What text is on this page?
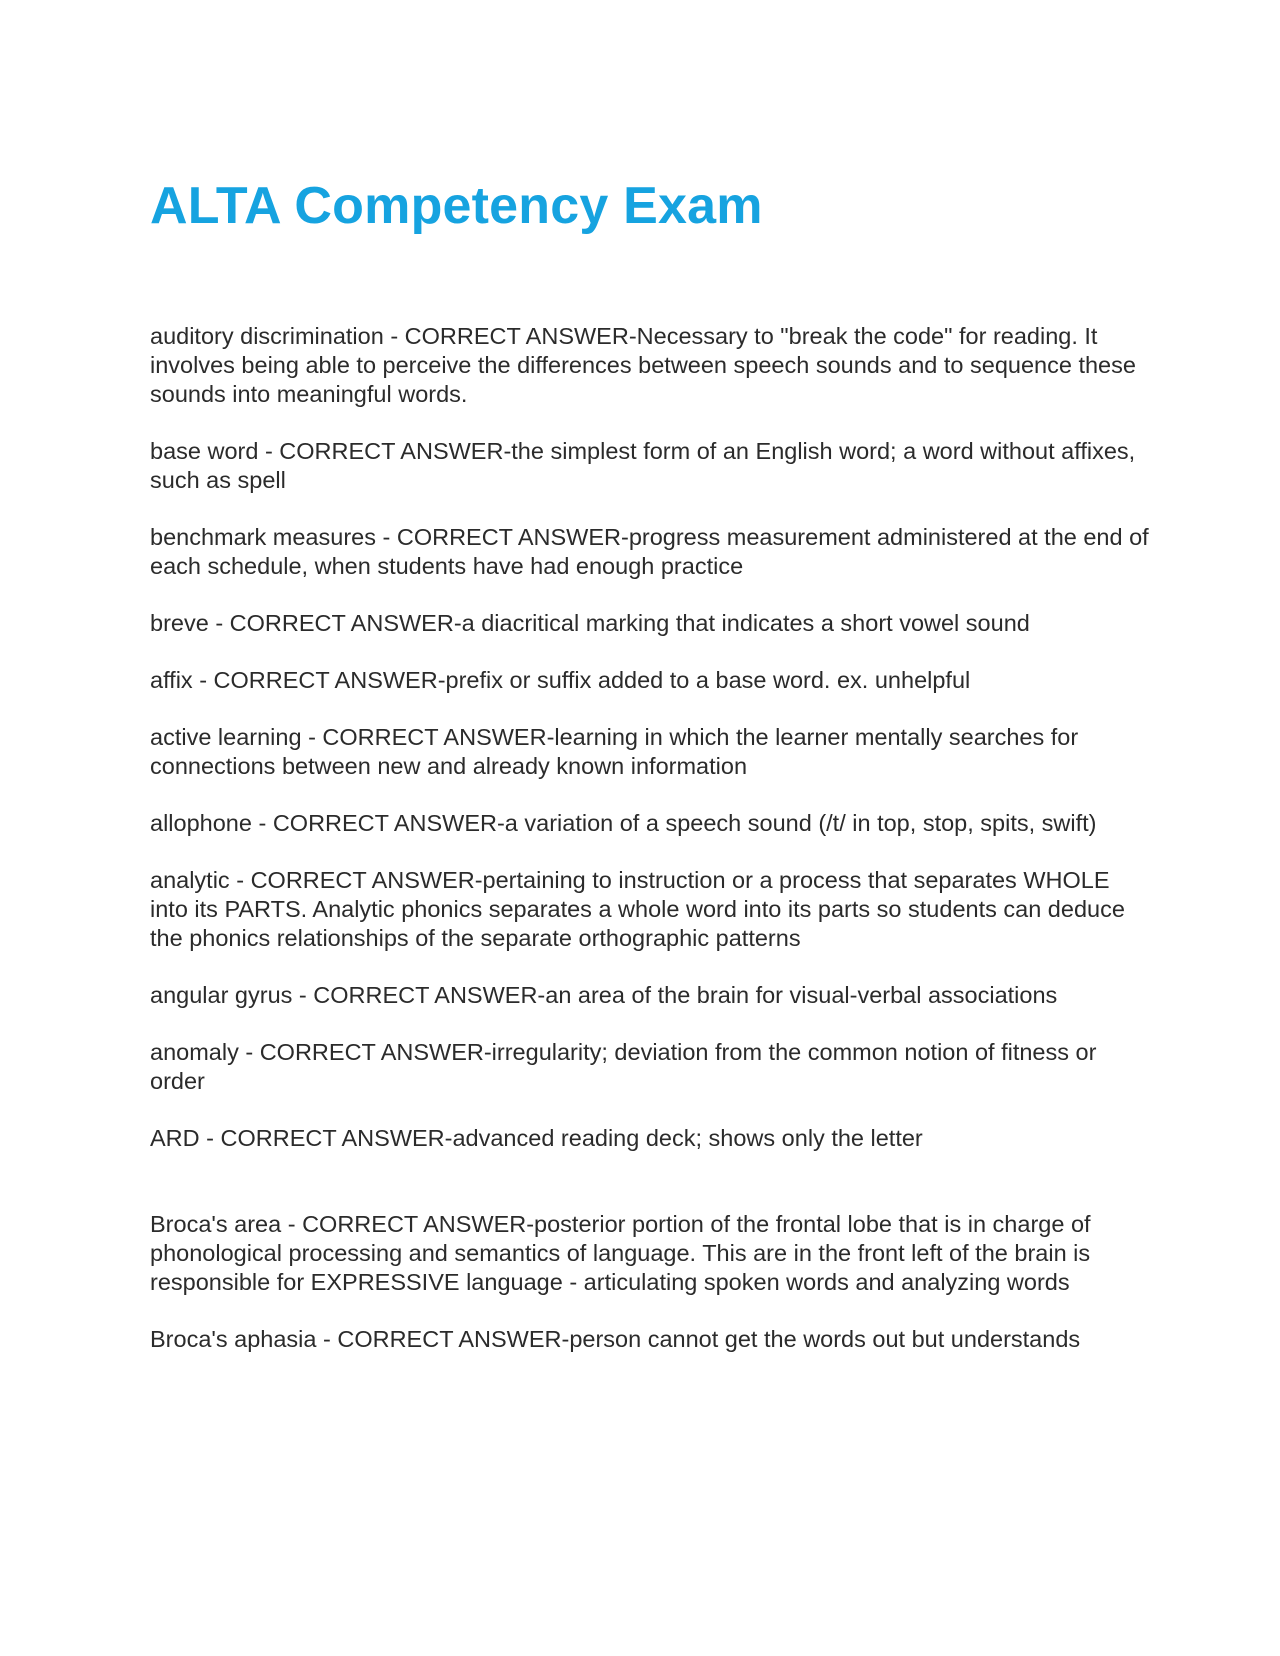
ALTA Competency Exam
auditory discrimination - CORRECT ANSWER-Necessary to "break the code" for reading. It involves being able to perceive the differences between speech sounds and to sequence these sounds into meaningful words.
base word - CORRECT ANSWER-the simplest form of an English word; a word without affixes, such as spell
benchmark measures - CORRECT ANSWER-progress measurement administered at the end of each schedule, when students have had enough practice
breve - CORRECT ANSWER-a diacritical marking that indicates a short vowel sound
affix - CORRECT ANSWER-prefix or suffix added to a base word. ex. unhelpful
active learning - CORRECT ANSWER-learning in which the learner mentally searches for connections between new and already known information
allophone - CORRECT ANSWER-a variation of a speech sound (/t/ in top, stop, spits, swift)
analytic - CORRECT ANSWER-pertaining to instruction or a process that separates WHOLE into its PARTS. Analytic phonics separates a whole word into its parts so students can deduce the phonics relationships of the separate orthographic patterns
angular gyrus - CORRECT ANSWER-an area of the brain for visual-verbal associations
anomaly - CORRECT ANSWER-irregularity; deviation from the common notion of fitness or order
ARD - CORRECT ANSWER-advanced reading deck; shows only the letter
Broca's area - CORRECT ANSWER-posterior portion of the frontal lobe that is in charge of phonological processing and semantics of language. This are in the front left of the brain is responsible for EXPRESSIVE language - articulating spoken words and analyzing words
Broca's aphasia - CORRECT ANSWER-person cannot get the words out but understands
